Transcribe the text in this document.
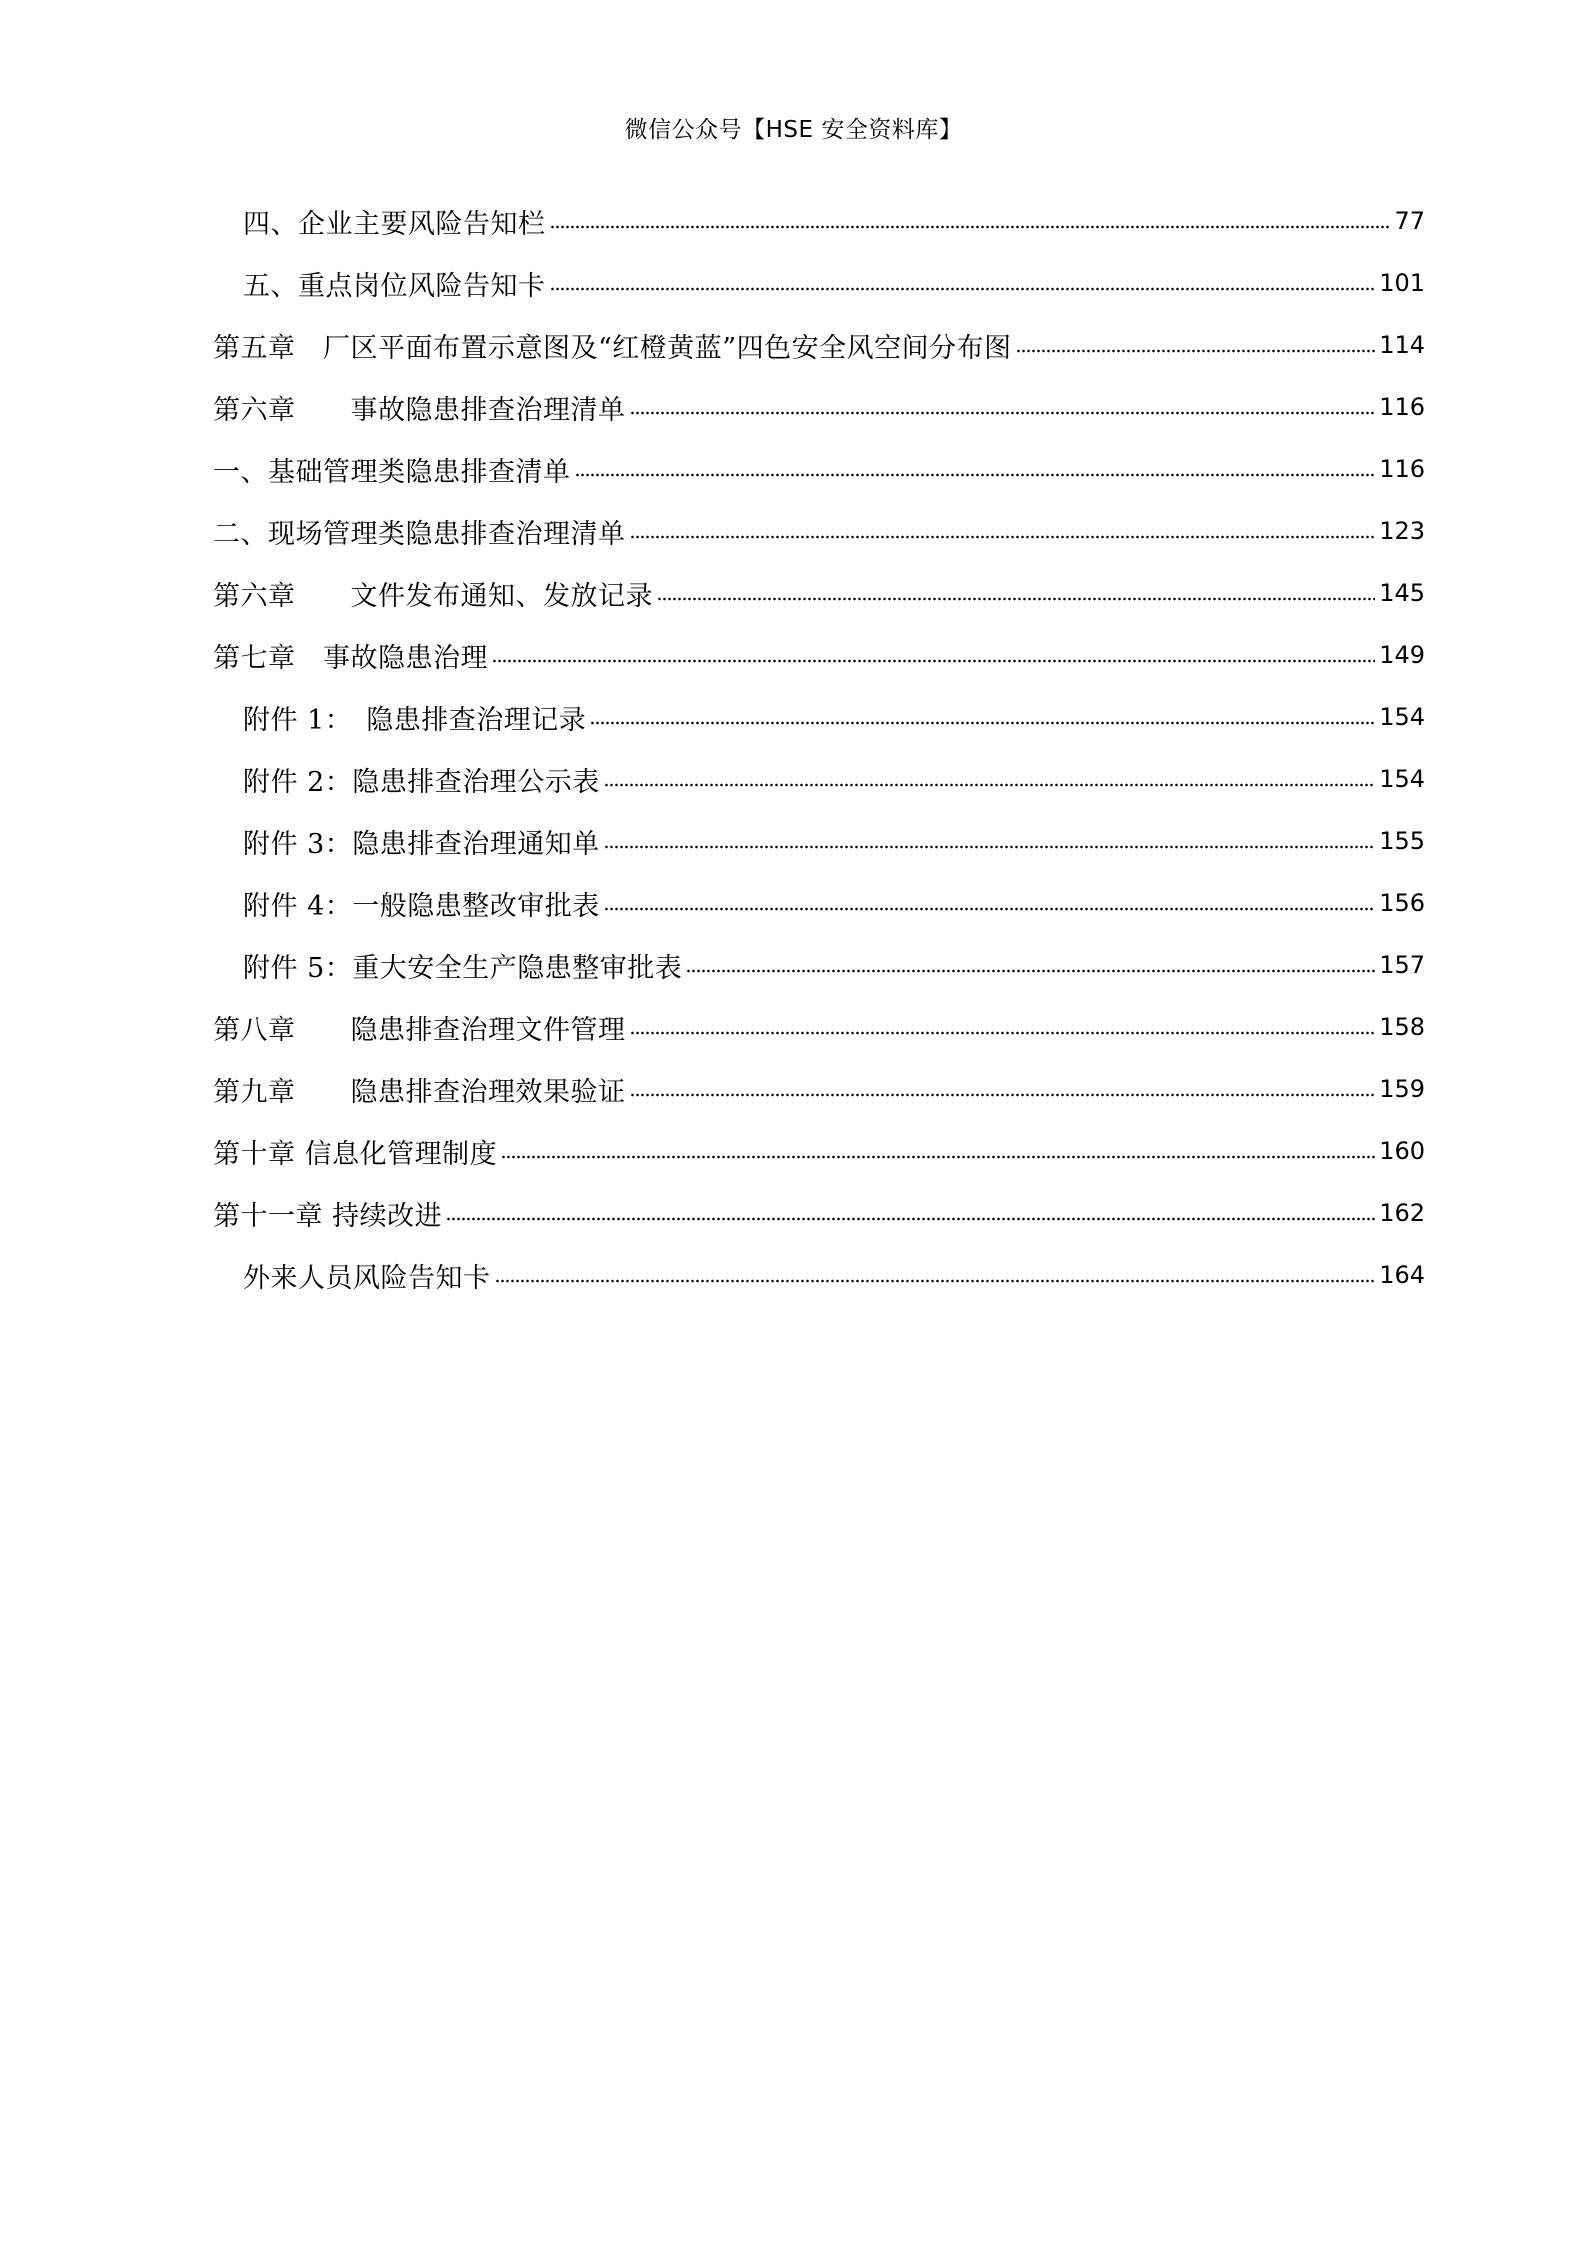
微信公众号【HSE 安全资料库】
四、企业主要风险告知栏	77
五、重点岗位风险告知卡	101
第五章　厂区平面布置示意图及“红橙黄蓝”四色安全风空间分布图	114
第六章　　事故隐患排查治理清单	116
一、基础管理类隐患排查清单	116
二、现场管理类隐患排查治理清单	123
第六章　　文件发布通知、发放记录	145
第七章　事故隐患治理	149
附件 1：　隐患排查治理记录	154
附件 2：隐患排查治理公示表	154
附件 3：隐患排查治理通知单	155
附件 4：一般隐患整改审批表	156
附件 5：重大安全生产隐患整审批表	157
第八章　　隐患排查治理文件管理	158
第九章　　隐患排查治理效果验证	159
第十章 信息化管理制度	160
第十一章 持续改进	162
外来人员风险告知卡	164
